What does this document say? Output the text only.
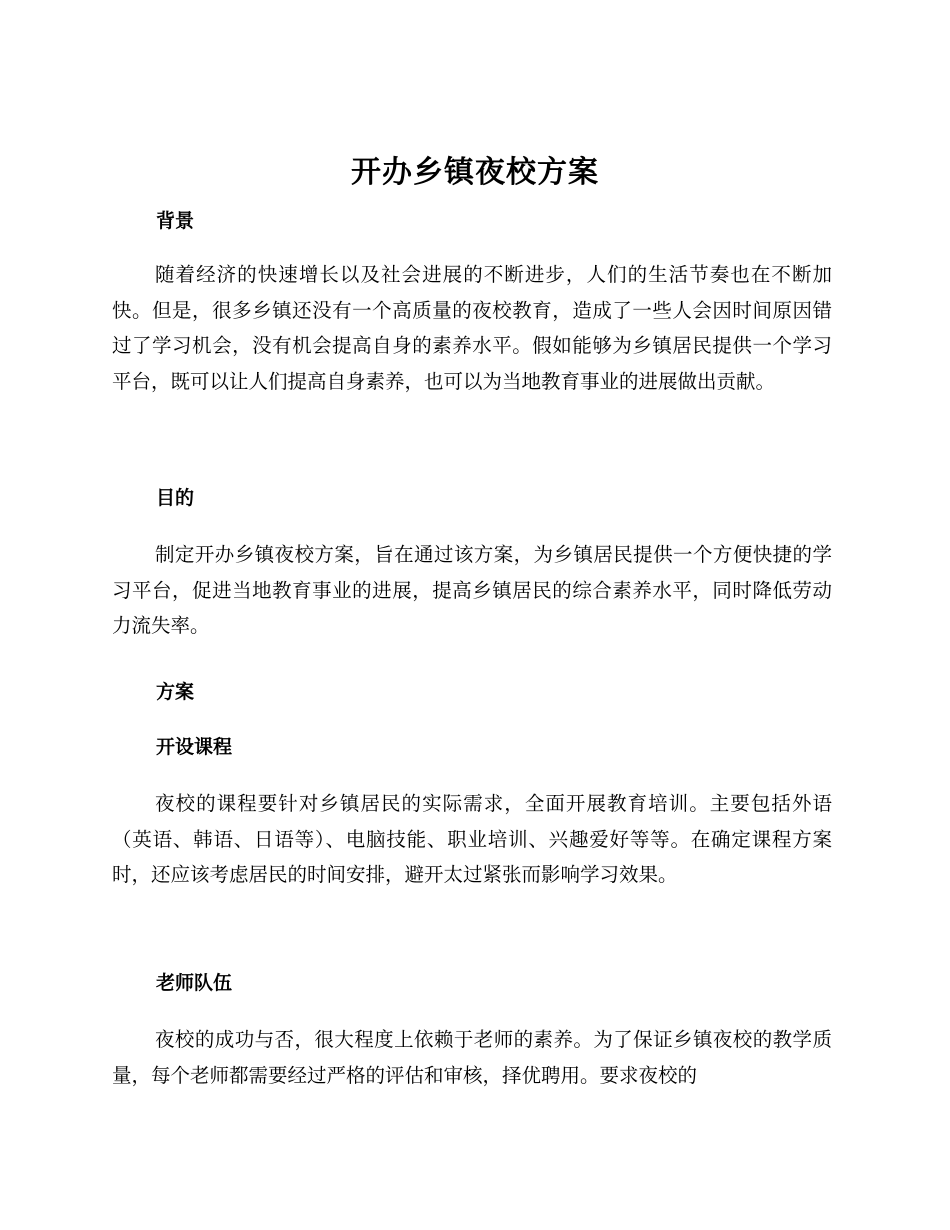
开办乡镇夜校方案
背景
随着经济的快速增长以及社会进展的不断进步，人们的生活节奏也在不断加快。但是，很多乡镇还没有一个高质量的夜校教育，造成了一些人会因时间原因错过了学习机会，没有机会提高自身的素养水平。假如能够为乡镇居民提供一个学习平台，既可以让人们提高自身素养，也可以为当地教育事业的进展做出贡献。
目的
制定开办乡镇夜校方案，旨在通过该方案，为乡镇居民提供一个方便快捷的学习平台，促进当地教育事业的进展，提高乡镇居民的综合素养水平，同时降低劳动力流失率。
方案
开设课程
夜校的课程要针对乡镇居民的实际需求，全面开展教育培训。主要包括外语（英语、韩语、日语等）、电脑技能、职业培训、兴趣爱好等等。在确定课程方案时，还应该考虑居民的时间安排，避开太过紧张而影响学习效果。
老师队伍
夜校的成功与否，很大程度上依赖于老师的素养。为了保证乡镇夜校的教学质量，每个老师都需要经过严格的评估和审核，择优聘用。要求夜校的
